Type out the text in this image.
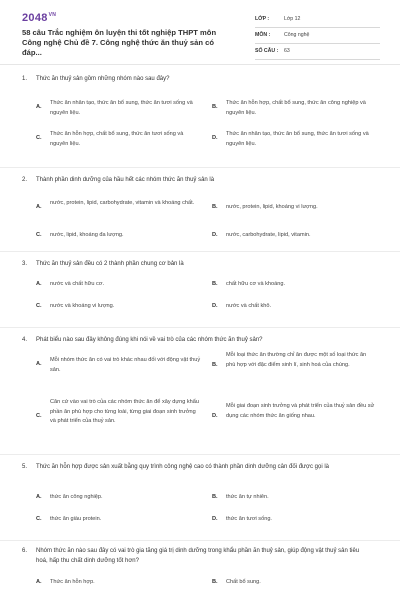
$2048^{VN}$
58 câu Trắc nghiệm ôn luyện thi tốt nghiệp THPT môn Công nghệ Chủ đề 7. Công nghệ thức ăn thuỷ sản có đáp...
LỚP :	Lớp 12
MÔN :	Công nghệ
SỐ CÂU : 63
1. Thức ăn thuỷ sản gồm những nhóm nào sau đây?
A.
Thức ăn nhân tạo, thức ăn bổ sung, thức ăn tươi sống và nguyên liệu.
B.
Thức ăn hỗn hợp, chất bổ sung, thức ăn công nghiệp và nguyên liệu.
C.
Thức ăn hỗn hợp, chất bổ sung, thức ăn tươi sống và nguyên liệu.
D.
Thức ăn nhân tạo, thức ăn bổ sung, thức ăn tươi sống và nguyên liệu.
2. Thành phần dinh dưỡng của hầu hết các nhóm thức ăn thuỷ sản là
A.
nước, protein, lipid, carbohydrate, vitamin và khoáng chất.
B. nước, protein, lipid, khoáng vi lượng.
C. nước, lipid, khoáng đa lượng.	D. nước, carbohydrate, lipid, vitamin.
3. Thức ăn thuỷ sản đều có 2 thành phần chung cơ bản là
A. nước và chất hữu cơ.	B. chất hữu cơ và khoáng.
C. nước và khoáng vi lượng.	D. nước và chất khô.
4. Phát biểu nào sau đây không đúng khi nói về vai trò của các nhóm thức ăn thuỷ sản?
A.
Mỗi nhóm thức ăn có vai trò khác nhau đối với động vật thuỷ sản.
B.
Mỗi loại thức ăn thường chỉ ăn được một số loại thức ăn phù hợp với đặc điểm sinh lí, sinh hoá của chúng.
C.
Căn cứ vào vai trò của các nhóm thức ăn để xây dựng khẩu phần ăn phù hợp cho từng loài, từng giai đoạn sinh trưởng và phát triển của thuỷ sản.
D.
Mỗi giai đoạn sinh trưởng và phát triển của thuỷ sản đều sử dụng các nhóm thức ăn giống nhau.
5. Thức ăn hỗn hợp được sản xuất bằng quy trình công nghệ cao có thành phần dinh dưỡng cân đối được gọi là
A. thức ăn công nghiệp.	B. thức ăn tự nhiên.
C. thức ăn giàu protein.	D. thức ăn tươi sống.
6. Nhóm thức ăn nào sau đây có vai trò gia tăng giá trị dinh dưỡng trong khẩu phần ăn thuỷ sản, giúp động vật thuỷ sản tiêu hoá, hấp thu chất dinh dưỡng tốt hơn?
A. Thức ăn hỗn hợp.	B. Chất bổ sung.
